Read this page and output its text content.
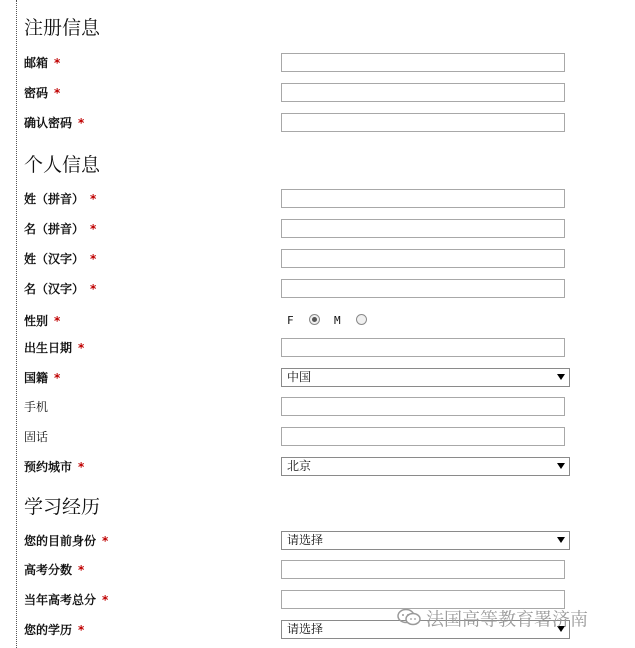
注册信息
邮箱 *
密码 *
确认密码 *
个人信息
姓（拼音） *
名（拼音） *
姓（汉字） *
名（汉字） *
性别 *	F	M
出生日期 *
国籍 *	中国
手机
固话
预约城市 *	北京
学习经历
您的目前身份 *	请选择
高考分数 *
当年高考总分 *
您的学历 *	请选择	法国高等教育署济南
